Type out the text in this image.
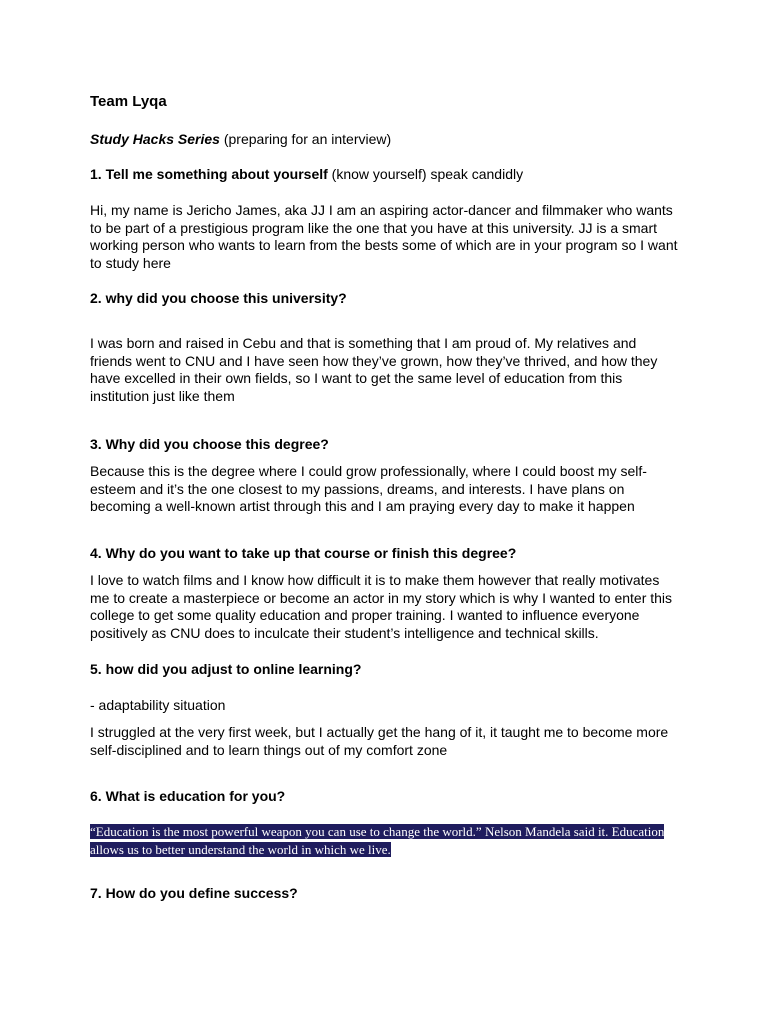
Team Lyqa

Study Hacks Series (preparing for an interview)

1. Tell me something about yourself (know yourself) speak candidly

Hi, my name is Jericho James, aka JJ I am an aspiring actor-dancer and filmmaker who wants to be part of a prestigious program like the one that you have at this university. JJ is a smart working person who wants to learn from the bests some of which are in your program so I want to study here

2. why did you choose this university?

I was born and raised in Cebu and that is something that I am proud of. My relatives and friends went to CNU and I have seen how they’ve grown, how they’ve thrived, and how they have excelled in their own fields, so I want to get the same level of education from this institution just like them

3. Why did you choose this degree?

Because this is the degree where I could grow professionally, where I could boost my self-esteem and it’s the one closest to my passions, dreams, and interests. I have plans on becoming a well-known artist through this and I am praying every day to make it happen

4. Why do you want to take up that course or finish this degree?

I love to watch films and I know how difficult it is to make them however that really motivates me to create a masterpiece or become an actor in my story which is why I wanted to enter this college to get some quality education and proper training. I wanted to influence everyone positively as CNU does to inculcate their student’s intelligence and technical skills.

5. how did you adjust to online learning?

- adaptability situation

I struggled at the very first week, but I actually get the hang of it, it taught me to become more self-disciplined and to learn things out of my comfort zone

6. What is education for you?

“Education is the most powerful weapon you can use to change the world.” Nelson Mandela said it. Education allows us to better understand the world in which we live.

7. How do you define success?
